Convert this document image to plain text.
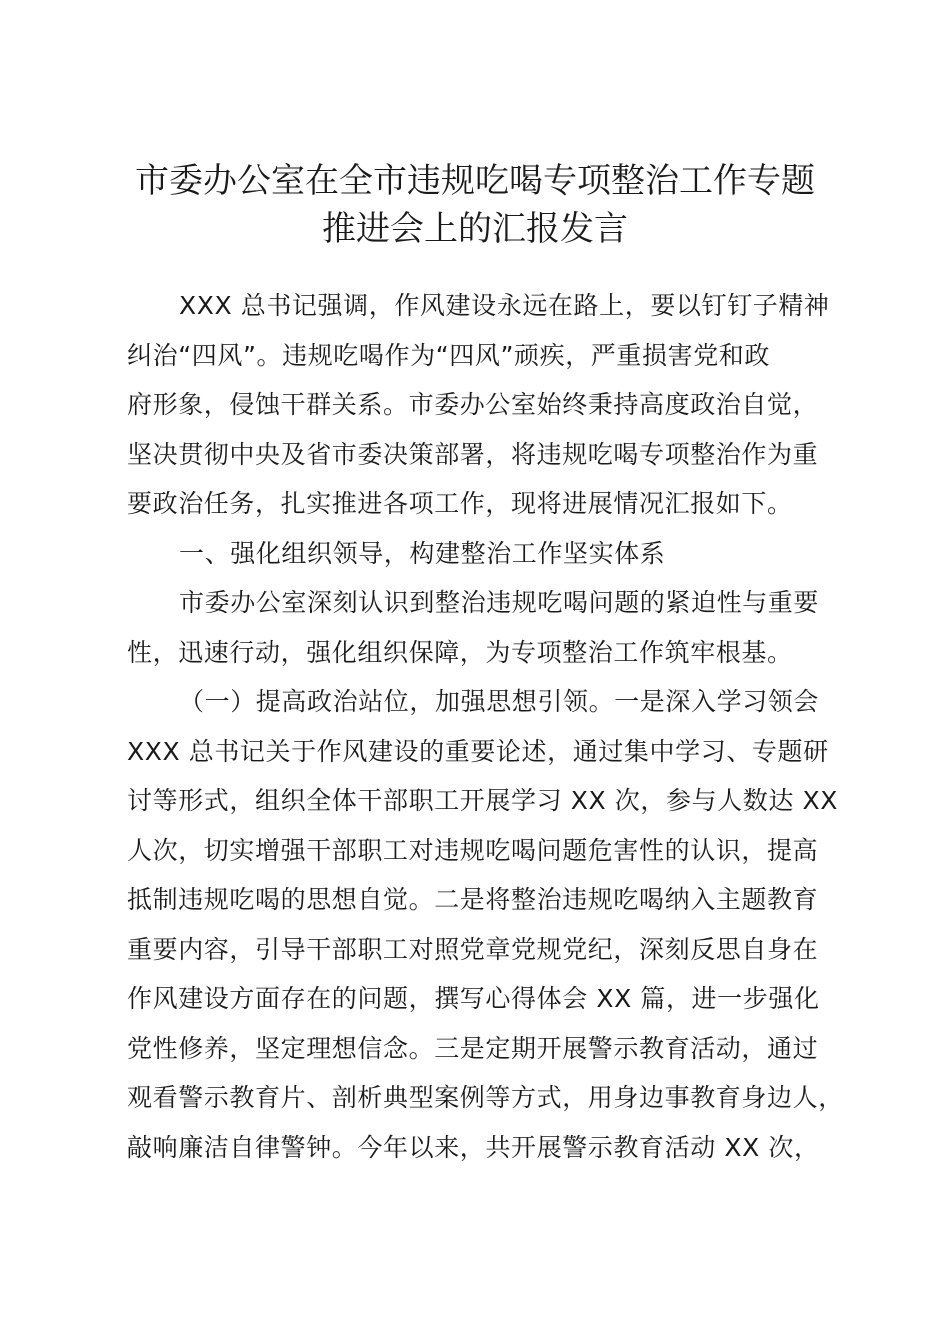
市委办公室在全市违规吃喝专项整治工作专题
推进会上的汇报发言
XXX 总书记强调，作风建设永远在路上，要以钉钉子精神
纠治“四风”。违规吃喝作为“四风”顽疾，严重损害党和政
府形象，侵蚀干群关系。市委办公室始终秉持高度政治自觉，
坚决贯彻中央及省市委决策部署，将违规吃喝专项整治作为重
要政治任务，扎实推进各项工作，现将进展情况汇报如下。
一、强化组织领导，构建整治工作坚实体系
市委办公室深刻认识到整治违规吃喝问题的紧迫性与重要
性，迅速行动，强化组织保障，为专项整治工作筑牢根基。
（一）提高政治站位，加强思想引领。一是深入学习领会
XXX 总书记关于作风建设的重要论述，通过集中学习、专题研
讨等形式，组织全体干部职工开展学习 XX 次，参与人数达 XX
人次，切实增强干部职工对违规吃喝问题危害性的认识，提高
抵制违规吃喝的思想自觉。二是将整治违规吃喝纳入主题教育
重要内容，引导干部职工对照党章党规党纪，深刻反思自身在
作风建设方面存在的问题，撰写心得体会 XX 篇，进一步强化
党性修养，坚定理想信念。三是定期开展警示教育活动，通过
观看警示教育片、剖析典型案例等方式，用身边事教育身边人，
敲响廉洁自律警钟。今年以来，共开展警示教育活动 XX 次，
